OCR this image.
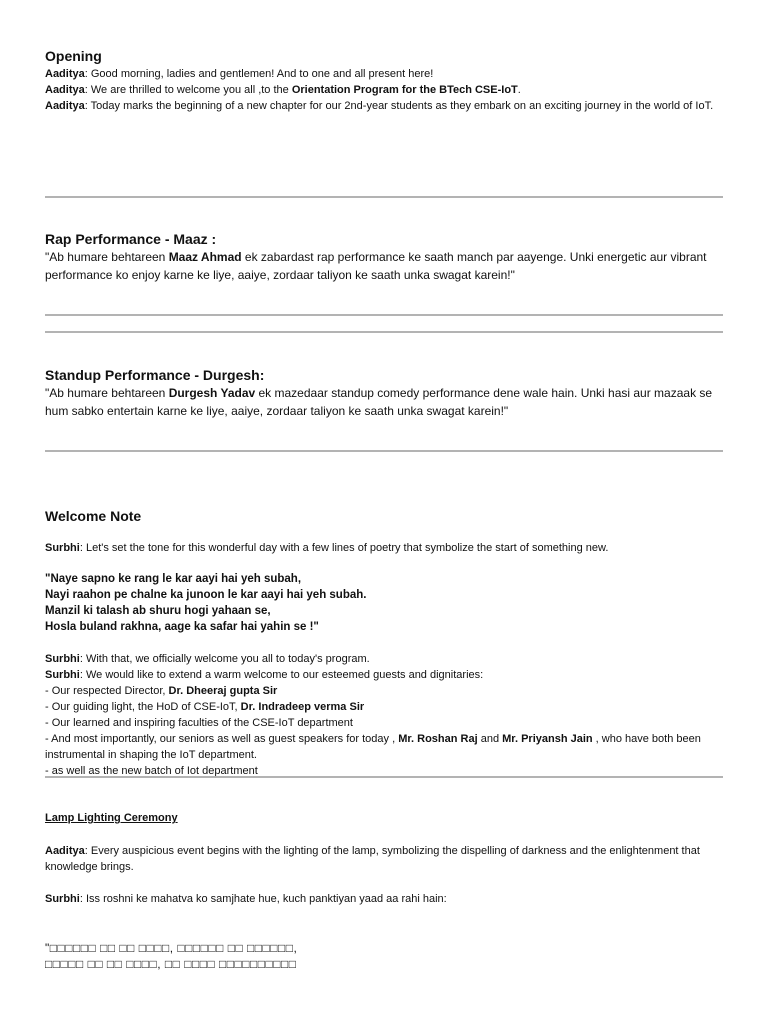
Opening
Aaditya: Good morning, ladies and gentlemen! And to one and all present here!
Aaditya: We are thrilled to welcome you all ,to the Orientation Program for the BTech CSE-IoT.
Aaditya: Today marks the beginning of a new chapter for our 2nd-year students as they embark on an exciting journey in the world of IoT.
Rap Performance - Maaz :
"Ab humare behtareen Maaz Ahmad ek zabardast rap performance ke saath manch par aayenge. Unki energetic aur vibrant performance ko enjoy karne ke liye, aaiye, zordaar taliyon ke saath unka swagat karein!"
Standup Performance - Durgesh:
"Ab humare behtareen Durgesh Yadav ek mazedaar standup comedy performance dene wale hain. Unki hasi aur mazaak se hum sabko entertain karne ke liye, aaiye, zordaar taliyon ke saath unka swagat karein!"
Welcome Note
Surbhi: Let's set the tone for this wonderful day with a few lines of poetry that symbolize the start of something new.
"Naye sapno ke rang le kar aayi hai yeh subah,
Nayi raahon pe chalne ka junoon le kar aayi hai yeh subah.
Manzil ki talash ab shuru hogi yahaan se,
Hosla buland rakhna, aage ka safar hai yahin se !"
Surbhi: With that, we officially welcome you all to today's program.
Surbhi: We would like to extend a warm welcome to our esteemed guests and dignitaries:
- Our respected Director, Dr. Dheeraj gupta Sir
- Our guiding light, the HoD of CSE-IoT, Dr. Indradeep verma Sir
- Our learned and inspiring faculties of the CSE-IoT department
- And most importantly, our seniors as well as guest speakers for today , Mr. Roshan Raj and Mr. Priyansh Jain , who have both been instrumental in shaping the IoT department.
- as well as the new batch of Iot department
Lamp Lighting Ceremony
Aaditya: Every auspicious event begins with the lighting of the lamp, symbolizing the dispelling of darkness and the enlightenment that knowledge brings.
Surbhi: Iss roshni ke mahatva ko samjhate hue, kuch panktiyan yaad aa rahi hain:
"□□□□□□ □□ □□ □□□□, □□□□□□ □□ □□□□□□,
□□□□□ □□ □□ □□□□, □□ □□□□ □□□□□□□□□□
